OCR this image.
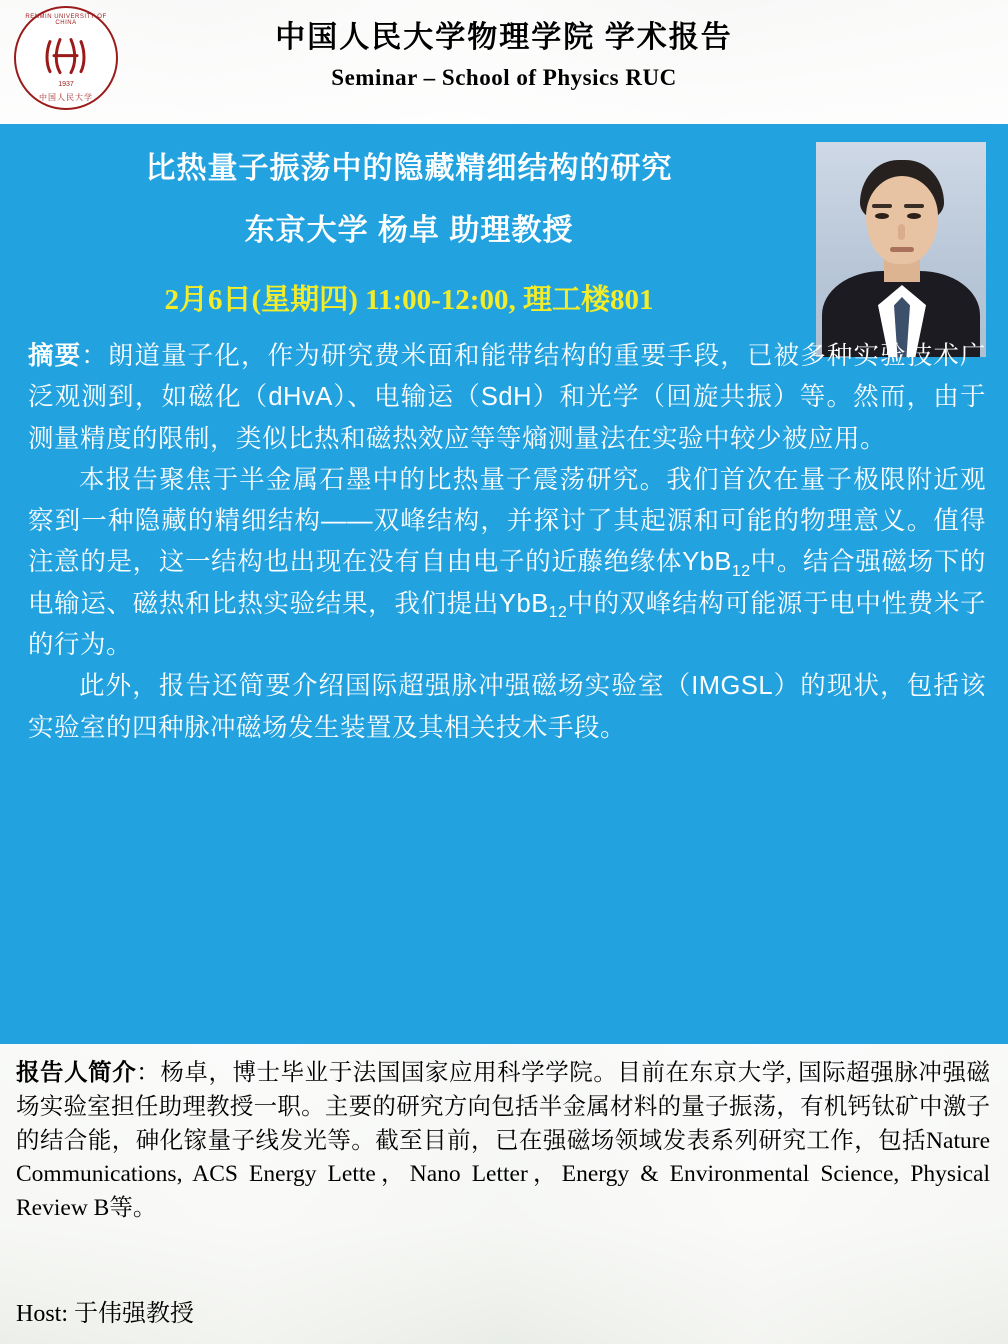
RENMIN UNIVERSITY OF CHINA
1937
中国人民大学
中国人民大学物理学院 学术报告
Seminar – School of Physics RUC
比热量子振荡中的隐藏精细结构的研究
东京大学 杨卓 助理教授
2月6日(星期四) 11:00-12:00, 理工楼801

摘要：朗道量子化，作为研究费米面和能带结构的重要手段，已被多种实验技术广泛观测到，如磁化（dHvA）、电输运（SdH）和光学（回旋共振）等。然而，由于测量精度的限制，类似比热和磁热效应等等熵测量法在实验中较少被应用。

本报告聚焦于半金属石墨中的比热量子震荡研究。我们首次在量子极限附近观察到一种隐藏的精细结构——双峰结构，并探讨了其起源和可能的物理意义。值得注意的是，这一结构也出现在没有自由电子的近藤绝缘体YbB$_{12}$中。结合强磁场下的电输运、磁热和比热实验结果，我们提出YbB$_{12}$中的双峰结构可能源于电中性费米子的行为。

此外，报告还简要介绍国际超强脉冲强磁场实验室（IMGSL）的现状，包括该实验室的四种脉冲磁场发生装置及其相关技术手段。

报告人简介：杨卓，博士毕业于法国国家应用科学学院。目前在东京大学, 国际超强脉冲强磁场实验室担任助理教授一职。主要的研究方向包括半金属材料的量子振荡，有机钙钛矿中激子的结合能，砷化镓量子线发光等。截至目前，已在强磁场领域发表系列研究工作，包括Nature Communications, ACS Energy Lette，Nano Letter，Energy & Environmental Science, Physical Review B等。
Host: 于伟强教授
